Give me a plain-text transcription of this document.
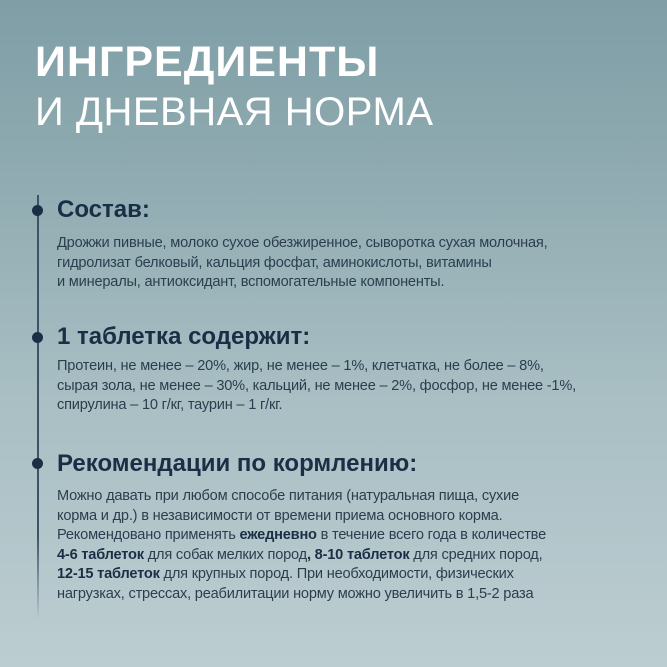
ИНГРЕДИЕНТЫ
И ДНЕВНАЯ НОРМА
Состав:

Дрожжи пивные, молоко сухое обезжиренное, сыворотка сухая молочная,
гидролизат белковый, кальция фосфат, аминокислоты, витамины
и минералы, антиоксидант, вспомогательные компоненты.

1 таблетка содержит:

Протеин, не менее – 20%, жир, не менее – 1%, клетчатка, не более – 8%,
сырая зола, не менее – 30%, кальций, не менее – 2%, фосфор, не менее -1%,
спирулина – 10 г/кг, таурин – 1 г/кг.

Рекомендации по кормлению:

Можно давать при любом способе питания (натуральная пища, сухие
корма и др.) в независимости от времени приема основного корма.
Рекомендовано применять ежедневно в течение всего года в количестве
4-6 таблеток для собак мелких пород, 8-10 таблеток для средних пород,
12-15 таблеток для крупных пород. При необходимости, физических
нагрузках, стрессах, реабилитации норму можно увеличить в 1,5-2 раза
